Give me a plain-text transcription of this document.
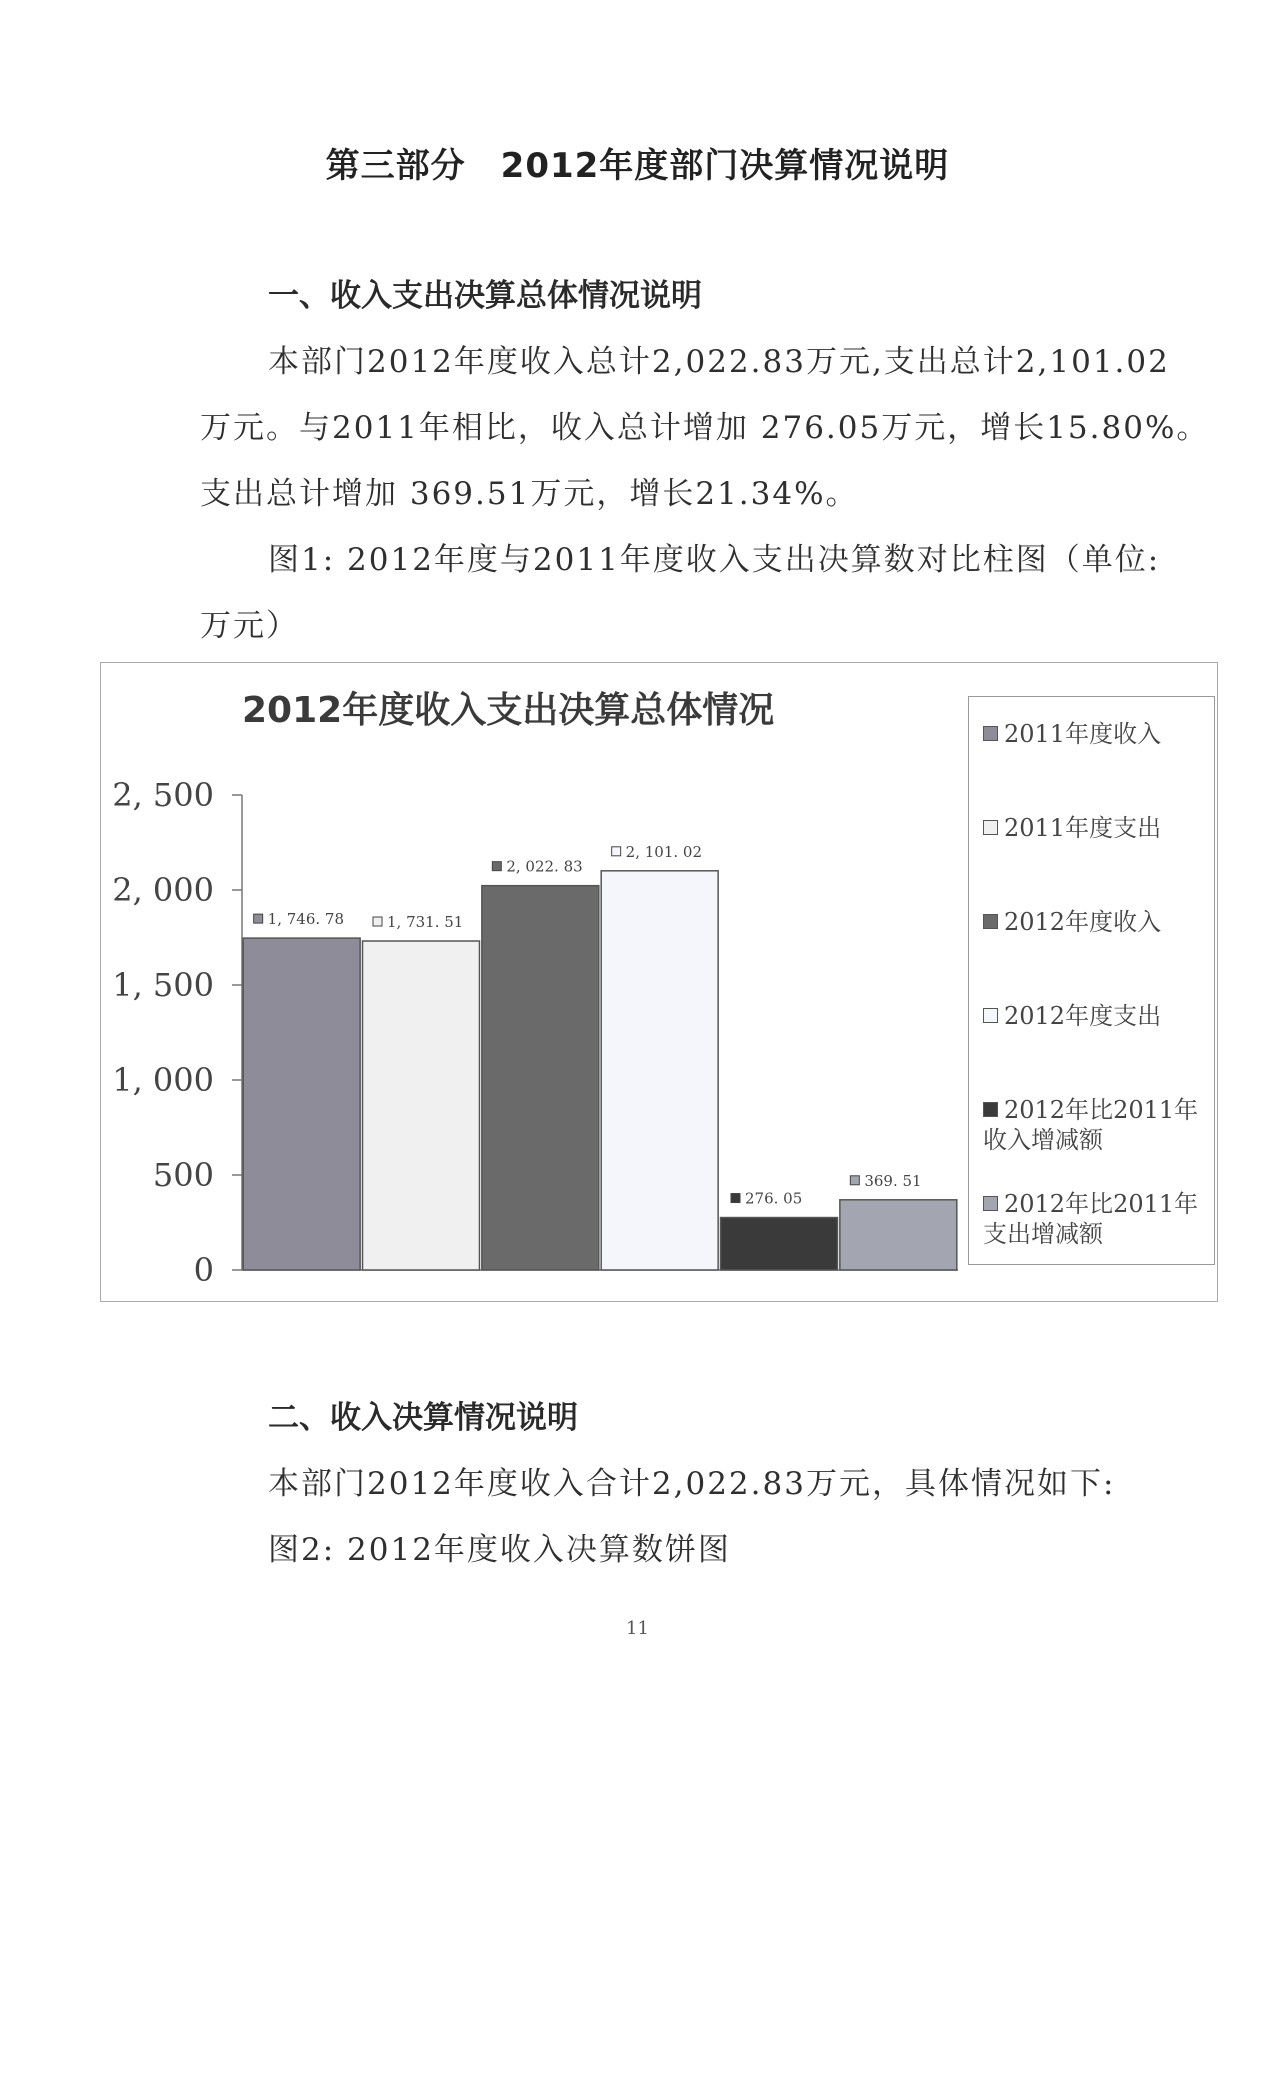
第三部分　2012年度部门决算情况说明
一、收入支出决算总体情况说明
本部门2012年度收入总计2,022.83万元,支出总计2,101.02
万元。与2011年相比，收入总计增加 276.05万元，增长15.80%。
支出总计增加 369.51万元，增长21.34%。
图1: 2012年度与2011年度收入支出决算数对比柱图（单位:
万元）
2, 500
2, 000
1, 500
1, 000
500
0
1, 746. 78	1, 731. 51
2, 022. 83
2, 101. 02
276. 05
369. 51
2012年度收入支出决算总体情况
2011年度收入
2011年度支出
2012年度收入
2012年度支出
2012年比2011年收入增减额
2012年比2011年支出增减额
二、收入决算情况说明
本部门2012年度收入合计2,022.83万元，具体情况如下:
图2: 2012年度收入决算数饼图
11
